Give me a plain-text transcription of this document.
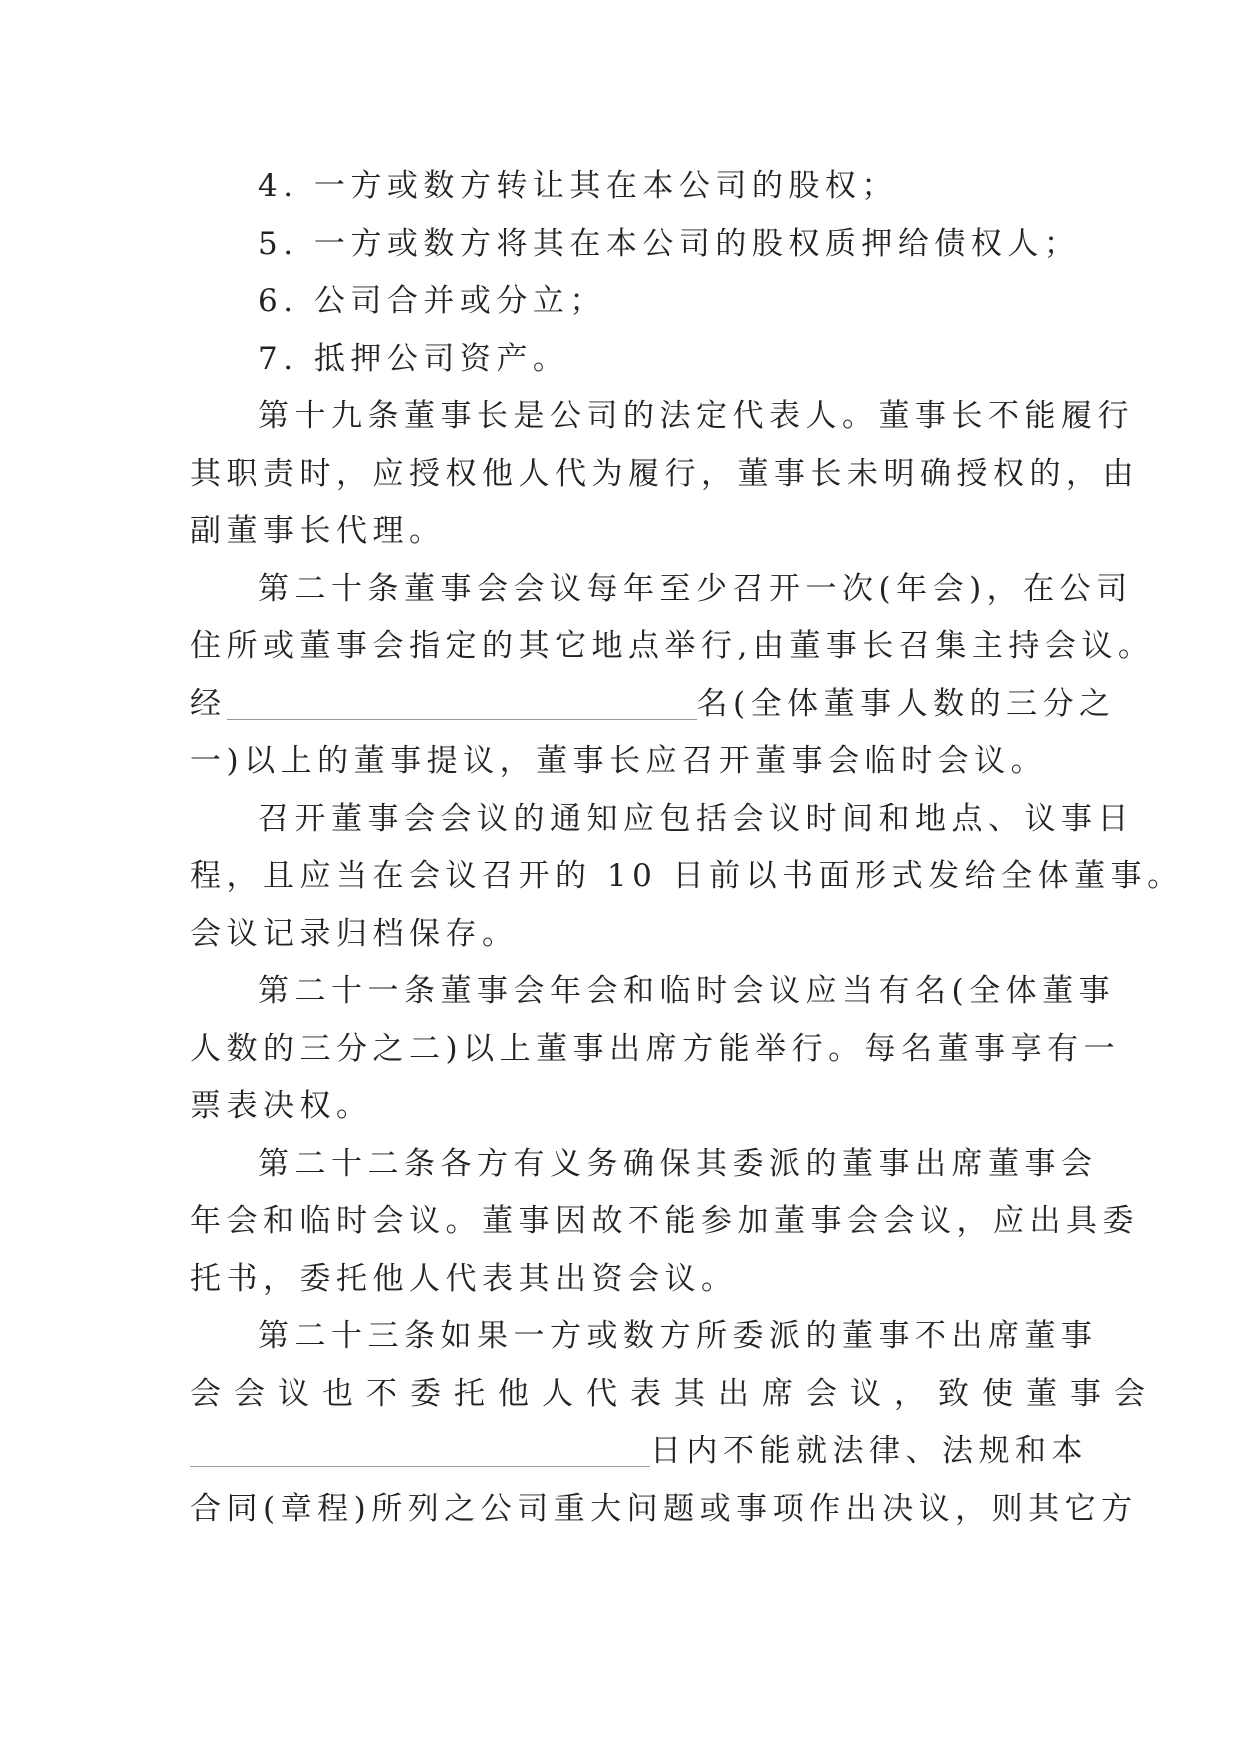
4. 一方或数方转让其在本公司的股权；
5. 一方或数方将其在本公司的股权质押给债权人；
6. 公司合并或分立；
7. 抵押公司资产。
第十九条董事长是公司的法定代表人。董事长不能履行
其职责时，应授权他人代为履行，董事长未明确授权的，由
副董事长代理。
第二十条董事会会议每年至少召开一次(年会)，在公司
住所或董事会指定的其它地点举行,由董事长召集主持会议。
经	名(全体董事人数的三分之
一)以上的董事提议，董事长应召开董事会临时会议。
召开董事会会议的通知应包括会议时间和地点、议事日
程，且应当在会议召开的 10 日前以书面形式发给全体董事。
会议记录归档保存。
第二十一条董事会年会和临时会议应当有名(全体董事
人数的三分之二)以上董事出席方能举行。每名董事享有一
票表决权。
第二十二条各方有义务确保其委派的董事出席董事会
年会和临时会议。董事因故不能参加董事会会议，应出具委
托书，委托他人代表其出资会议。
第二十三条如果一方或数方所委派的董事不出席董事
会会议也不委托他人代表其出席会议，致使董事会
日内不能就法律、法规和本
合同(章程)所列之公司重大问题或事项作出决议，则其它方
